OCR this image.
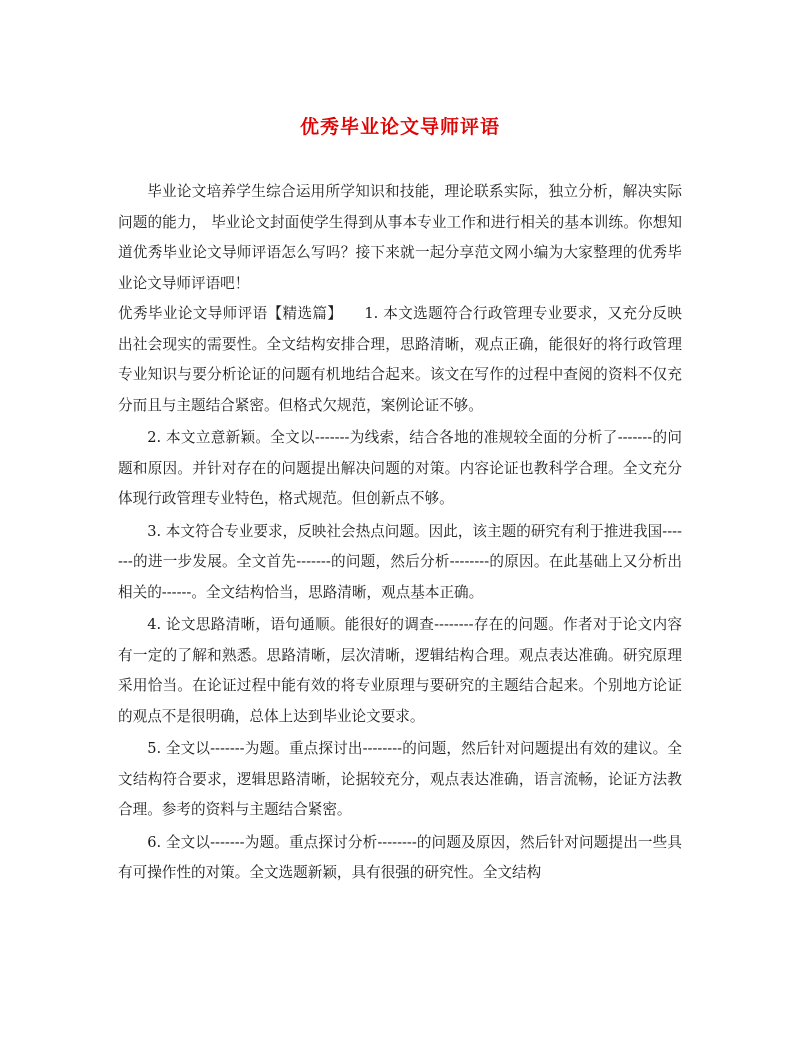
优秀毕业论文导师评语

毕业论文培养学生综合运用所学知识和技能，理论联系实际，独立分析，解决实际问题的能力， 毕业论文封面使学生得到从事本专业工作和进行相关的基本训练。你想知道优秀毕业论文导师评语怎么写吗？接下来就一起分享范文网小编为大家整理的优秀毕业论文导师评语吧！

优秀毕业论文导师评语【精选篇】 1. 本文选题符合行政管理专业要求，又充分反映出社会现实的需要性。全文结构安排合理，思路清晰，观点正确，能很好的将行政管理专业知识与要分析论证的问题有机地结合起来。该文在写作的过程中查阅的资料不仅充分而且与主题结合紧密。但格式欠规范，案例论证不够。

2. 本文立意新颖。全文以-------为线索，结合各地的准规较全面的分析了-------的问题和原因。并针对存在的问题提出解决问题的对策。内容论证也教科学合理。全文充分体现行政管理专业特色，格式规范。但创新点不够。

3. 本文符合专业要求，反映社会热点问题。因此，该主题的研究有利于推进我国-------的进一步发展。全文首先-------的问题，然后分析--------的原因。在此基础上又分析出相关的------。全文结构恰当，思路清晰，观点基本正确。

4. 论文思路清晰，语句通顺。能很好的调查--------存在的问题。作者对于论文内容有一定的了解和熟悉。思路清晰，层次清晰，逻辑结构合理。观点表达准确。研究原理采用恰当。在论证过程中能有效的将专业原理与要研究的主题结合起来。个别地方论证的观点不是很明确，总体上达到毕业论文要求。

5. 全文以-------为题。重点探讨出--------的问题，然后针对问题提出有效的建议。全文结构符合要求，逻辑思路清晰，论据较充分，观点表达准确，语言流畅，论证方法教合理。参考的资料与主题结合紧密。

6. 全文以-------为题。重点探讨分析--------的问题及原因，然后针对问题提出一些具有可操作性的对策。全文选题新颖，具有很强的研究性。全文结构
